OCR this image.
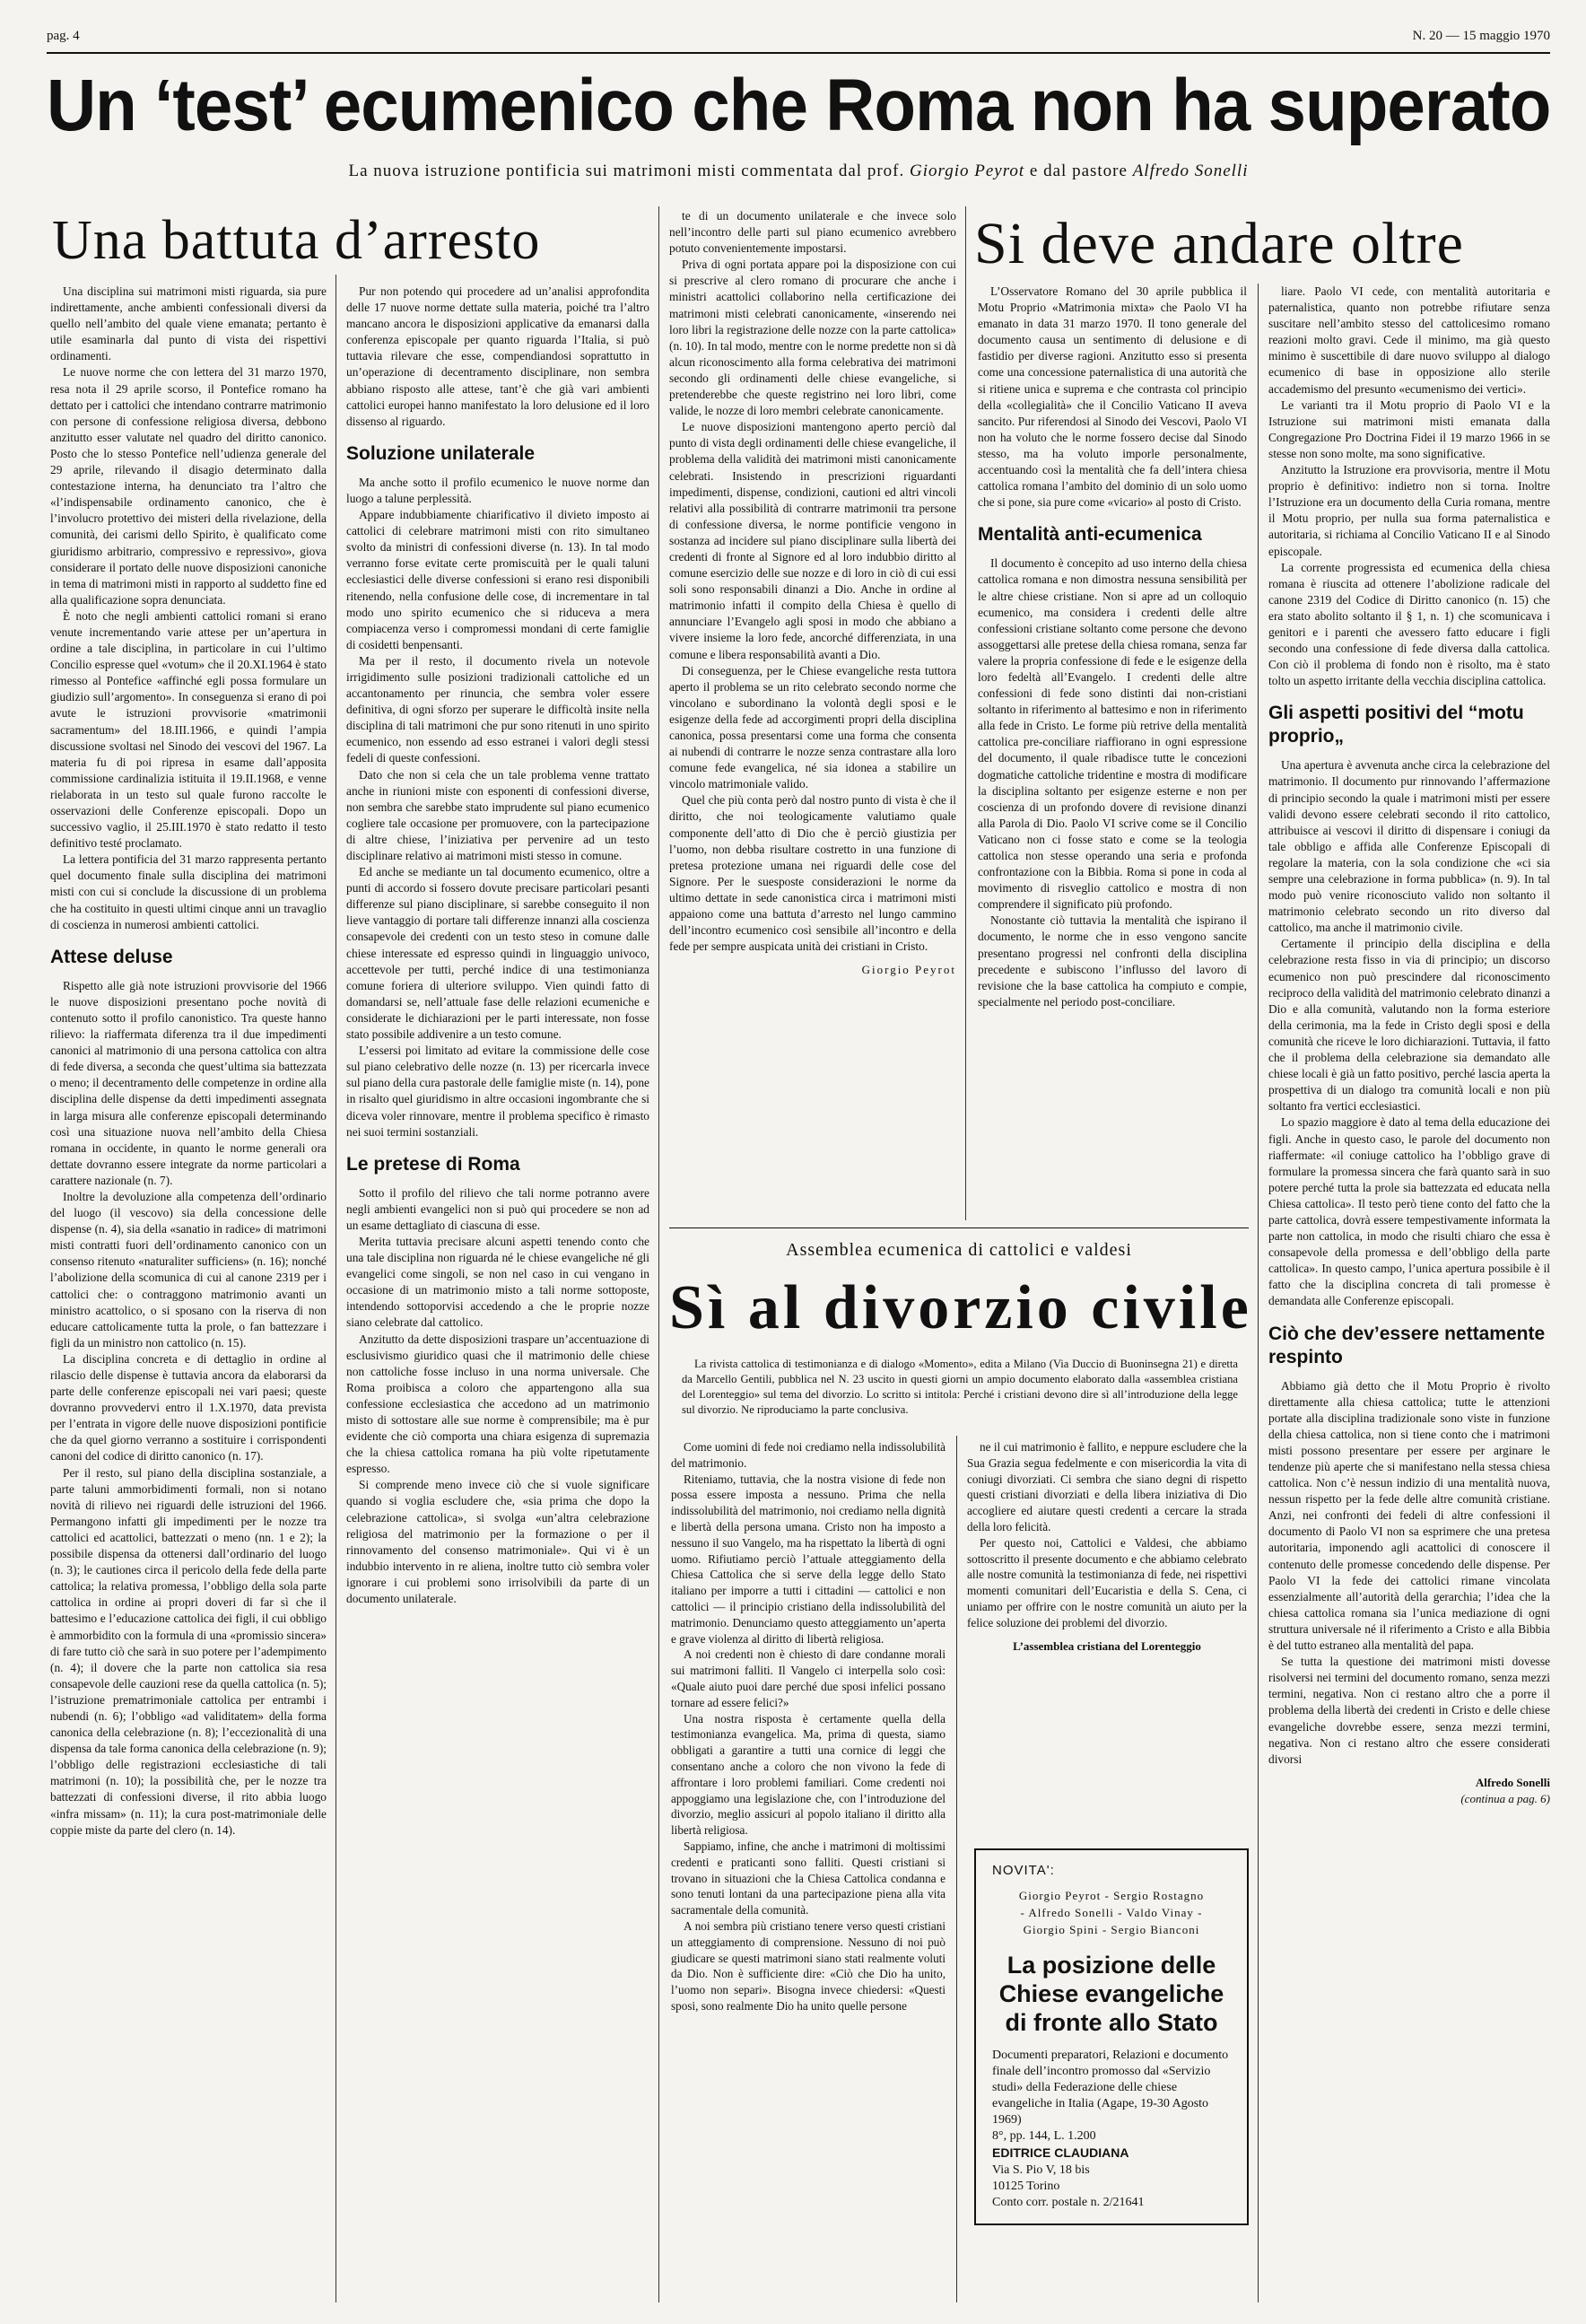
pag. 4	N. 20 — 15 maggio 1970
Un ‘test’ ecumenico che Roma non ha superato
La nuova istruzione pontificia sui matrimoni misti commentata dal prof. Giorgio Peyrot e dal pastore Alfredo Sonelli
Una battuta d’arresto

Una disciplina sui matrimoni misti riguarda, sia pure indirettamente, anche ambienti confessionali diversi da quello nell’ambito del quale viene emanata; pertanto è utile esaminarla dal punto di vista dei rispettivi ordinamenti.

Le nuove norme che con lettera del 31 marzo 1970, resa nota il 29 aprile scorso, il Pontefice romano ha dettato per i cattolici che intendano contrarre matrimonio con persone di confessione religiosa diversa, debbono anzitutto esser valutate nel quadro del diritto canonico. Posto che lo stesso Pontefice nell’udienza generale del 29 aprile, rilevando il disagio determinato dalla contestazione interna, ha denunciato tra l’altro che «l’indispensabile ordinamento canonico, che è l’involucro protettivo dei misteri della rivelazione, della comunità, dei carismi dello Spirito, è qualificato come giuridismo arbitrario, compressivo e repressivo», giova considerare il portato delle nuove disposizioni canoniche in tema di matrimoni misti in rapporto al suddetto fine ed alla qualificazione sopra denunciata.

È noto che negli ambienti cattolici romani si erano venute incrementando varie attese per un’apertura in ordine a tale disciplina, in particolare in cui l’ultimo Concilio espresse quel «votum» che il 20.XI.1964 è stato rimesso al Pontefice «affinché egli possa formulare un giudizio sull’argomento». In conseguenza si erano di poi avute le istruzioni provvisorie «matrimonii sacramentum» del 18.III.1966, e quindi l’ampia discussione svoltasi nel Sinodo dei vescovi del 1967. La materia fu di poi ripresa in esame dall’apposita commissione cardinalizia istituita il 19.II.1968, e venne rielaborata in un testo sul quale furono raccolte le osservazioni delle Conferenze episcopali. Dopo un successivo vaglio, il 25.III.1970 è stato redatto il testo definitivo testé proclamato.

La lettera pontificia del 31 marzo rappresenta pertanto quel documento finale sulla disciplina dei matrimoni misti con cui si conclude la discussione di un problema che ha costituito in questi ultimi cinque anni un travaglio di coscienza in numerosi ambienti cattolici.

Attese deluse

Rispetto alle già note istruzioni provvisorie del 1966 le nuove disposizioni presentano poche novità di contenuto sotto il profilo canonistico. Tra queste hanno rilievo: la riaffermata diferenza tra il due impedimenti canonici al matrimonio di una persona cattolica con altra di fede diversa, a seconda che quest’ultima sia battezzata o meno; il decentramento delle competenze in ordine alla disciplina delle dispense da detti impedimenti assegnata in larga misura alle conferenze episcopali determinando così una situazione nuova nell’ambito della Chiesa romana in occidente, in quanto le norme generali ora dettate dovranno essere integrate da norme particolari a carattere nazionale (n. 7).

Inoltre la devoluzione alla competenza dell’ordinario del luogo (il vescovo) sia della concessione delle dispense (n. 4), sia della «sanatio in radice» di matrimoni misti contratti fuori dell’ordinamento canonico con un consenso ritenuto «naturaliter sufficiens» (n. 16); nonché l’abolizione della scomunica di cui al canone 2319 per i cattolici che: o contraggono matrimonio avanti un ministro acattolico, o si sposano con la riserva di non educare cattolicamente tutta la prole, o fan battezzare i figli da un ministro non cattolico (n. 15).

La disciplina concreta e di dettaglio in ordine al rilascio delle dispense è tuttavia ancora da elaborarsi da parte delle conferenze episcopali nei vari paesi; queste dovranno provvedervi entro il 1.X.1970, data prevista per l’entrata in vigore delle nuove disposizioni pontificie che da quel giorno verranno a sostituire i corrispondenti canoni del codice di diritto canonico (n. 17).

Per il resto, sul piano della disciplina sostanziale, a parte taluni ammorbidimenti formali, non si notano novità di rilievo nei riguardi delle istruzioni del 1966. Permangono infatti gli impedimenti per le nozze tra cattolici ed acattolici, battezzati o meno (nn. 1 e 2); la possibile dispensa da ottenersi dall’ordinario del luogo (n. 3); le cautiones circa il pericolo della fede della parte cattolica; la relativa promessa, l’obbligo della sola parte cattolica in ordine ai propri doveri di far sì che il battesimo e l’educazione cattolica dei figli, il cui obbligo è ammorbidito con la formula di una «promissio sincera» di fare tutto ciò che sarà in suo potere per l’adempimento (n. 4); il dovere che la parte non cattolica sia resa consapevole delle cauzioni rese da quella cattolica (n. 5); l’istruzione prematrimoniale cattolica per entrambi i nubendi (n. 6); l’obbligo «ad validitatem» della forma canonica della celebrazione (n. 8); l’eccezionalità di una dispensa da tale forma canonica della celebrazione (n. 9); l’obbligo delle registrazioni ecclesiastiche di tali matrimoni (n. 10); la possibilità che, per le nozze tra battezzati di confessioni diverse, il rito abbia luogo «infra missam» (n. 11); la cura post-matrimoniale delle coppie miste da parte del clero (n. 14).

Pur non potendo qui procedere ad un’analisi approfondita delle 17 nuove norme dettate sulla materia, poiché tra l’altro mancano ancora le disposizioni applicative da emanarsi dalla conferenza episcopale per quanto riguarda l’Italia, si può tuttavia rilevare che esse, compendiandosi soprattutto in un’operazione di decentramento disciplinare, non sembra abbiano risposto alle attese, tant’è che già vari ambienti cattolici europei hanno manifestato la loro delusione ed il loro dissenso al riguardo.

Soluzione unilaterale

Ma anche sotto il profilo ecumenico le nuove norme dan luogo a talune perplessità.

Appare indubbiamente chiarificativo il divieto imposto ai cattolici di celebrare matrimoni misti con rito simultaneo svolto da ministri di confessioni diverse (n. 13). In tal modo verranno forse evitate certe promiscuità per le quali taluni ecclesiastici delle diverse confessioni si erano resi disponibili ritenendo, nella confusione delle cose, di incrementare in tal modo uno spirito ecumenico che si riduceva a mera compiacenza verso i compromessi mondani di certe famiglie di cosidetti benpensanti.

Ma per il resto, il documento rivela un notevole irrigidimento sulle posizioni tradizionali cattoliche ed un accantonamento per rinuncia, che sembra voler essere definitiva, di ogni sforzo per superare le difficoltà insite nella disciplina di tali matrimoni che pur sono ritenuti in uno spirito ecumenico, non essendo ad esso estranei i valori degli stessi fedeli di queste confessioni.

Dato che non si cela che un tale problema venne trattato anche in riunioni miste con esponenti di confessioni diverse, non sembra che sarebbe stato imprudente sul piano ecumenico cogliere tale occasione per promuovere, con la partecipazione di altre chiese, l’iniziativa per pervenire ad un testo disciplinare relativo ai matrimoni misti stesso in comune.

Ed anche se mediante un tal documento ecumenico, oltre a punti di accordo si fossero dovute precisare particolari pesanti differenze sul piano disciplinare, si sarebbe conseguito il non lieve vantaggio di portare tali differenze innanzi alla coscienza consapevole dei credenti con un testo steso in comune dalle chiese interessate ed espresso quindi in linguaggio univoco, accettevole per tutti, perché indice di una testimonianza comune foriera di ulteriore sviluppo. Vien quindi fatto di domandarsi se, nell’attuale fase delle relazioni ecumeniche e considerate le dichiarazioni per le parti interessate, non fosse stato possibile addivenire a un testo comune.

L’essersi poi limitato ad evitare la commissione delle cose sul piano celebrativo delle nozze (n. 13) per ricercarla invece sul piano della cura pastorale delle famiglie miste (n. 14), pone in risalto quel giuridismo in altre occasioni ingombrante che si diceva voler rinnovare, mentre il problema specifico è rimasto nei suoi termini sostanziali.

Le pretese di Roma

Sotto il profilo del rilievo che tali norme potranno avere negli ambienti evangelici non si può qui procedere se non ad un esame dettagliato di ciascuna di esse.

Merita tuttavia precisare alcuni aspetti tenendo conto che una tale disciplina non riguarda né le chiese evangeliche né gli evangelici come singoli, se non nel caso in cui vengano in occasione di un matrimonio misto a tali norme sottoposte, intendendo sottoporvisi accedendo a che le proprie nozze siano celebrate dal cattolico.

Anzitutto da dette disposizioni traspare un’accentuazione di esclusivismo giuridico quasi che il matrimonio delle chiese non cattoliche fosse incluso in una norma universale. Che Roma proibisca a coloro che appartengono alla sua confessione ecclesiastica che accedono ad un matrimonio misto di sottostare alle sue norme è comprensibile; ma è pur evidente che ciò comporta una chiara esigenza di supremazia che la chiesa cattolica romana ha più volte ripetutamente espresso.

Si comprende meno invece ciò che si vuole significare quando si voglia escludere che, «sia prima che dopo la celebrazione cattolica», si svolga «un’altra celebrazione religiosa del matrimonio per la formazione o per il rinnovamento del consenso matrimoniale». Qui vi è un indubbio intervento in re aliena, inoltre tutto ciò sembra voler ignorare i cui problemi sono irrisolvibili da parte di un documento unilaterale.

te di un documento unilaterale e che invece solo nell’incontro delle parti sul piano ecumenico avrebbero potuto convenientemente impostarsi.

Priva di ogni portata appare poi la disposizione con cui si prescrive al clero romano di procurare che anche i ministri acattolici collaborino nella certificazione dei matrimoni misti celebrati canonicamente, «inserendo nei loro libri la registrazione delle nozze con la parte cattolica» (n. 10). In tal modo, mentre con le norme predette non si dà alcun riconoscimento alla forma celebrativa dei matrimoni secondo gli ordinamenti delle chiese evangeliche, si pretenderebbe che queste registrino nei loro libri, come valide, le nozze di loro membri celebrate canonicamente.

Le nuove disposizioni mantengono aperto perciò dal punto di vista degli ordinamenti delle chiese evangeliche, il problema della validità dei matrimoni misti canonicamente celebrati. Insistendo in prescrizioni riguardanti impedimenti, dispense, condizioni, cautioni ed altri vincoli relativi alla possibilità di contrarre matrimonii tra persone di confessione diversa, le norme pontificie vengono in sostanza ad incidere sul piano disciplinare sulla libertà dei credenti di fronte al Signore ed al loro indubbio diritto al comune esercizio delle sue nozze e di loro in ciò di cui essi soli sono responsabili dinanzi a Dio. Anche in ordine al matrimonio infatti il compito della Chiesa è quello di annunciare l’Evangelo agli sposi in modo che abbiano a vivere insieme la loro fede, ancorché differenziata, in una comune e libera responsabilità avanti a Dio.

Di conseguenza, per le Chiese evangeliche resta tuttora aperto il problema se un rito celebrato secondo norme che vincolano e subordinano la volontà degli sposi e le esigenze della fede ad accorgimenti propri della disciplina canonica, possa presentarsi come una forma che consenta ai nubendi di contrarre le nozze senza contrastare alla loro comune fede evangelica, né sia idonea a stabilire un vincolo matrimoniale valido.

Quel che più conta però dal nostro punto di vista è che il diritto, che noi teologicamente valutiamo quale componente dell’atto di Dio che è perciò giustizia per l’uomo, non debba risultare costretto in una funzione di pretesa protezione umana nei riguardi delle cose del Signore. Per le suesposte considerazioni le norme da ultimo dettate in sede canonistica circa i matrimoni misti appaiono come una battuta d’arresto nel lungo cammino dell’incontro ecumenico così sensibile all’incontro e della fede per sempre auspicata unità dei cristiani in Cristo.

Giorgio Peyrot
Si deve andare oltre

L’Osservatore Romano del 30 aprile pubblica il Motu Proprio «Matrimonia mixta» che Paolo VI ha emanato in data 31 marzo 1970. Il tono generale del documento causa un sentimento di delusione e di fastidio per diverse ragioni. Anzitutto esso si presenta come una concessione paternalistica di una autorità che si ritiene unica e suprema e che contrasta col principio della «collegialità» che il Concilio Vaticano II aveva sancito. Pur riferendosi al Sinodo dei Vescovi, Paolo VI non ha voluto che le norme fossero decise dal Sinodo stesso, ma ha voluto imporle personalmente, accentuando così la mentalità che fa dell’intera chiesa cattolica romana l’ambito del dominio di un solo uomo che si pone, sia pure come «vicario» al posto di Cristo.

Mentalità anti-ecumenica

Il documento è concepito ad uso interno della chiesa cattolica romana e non dimostra nessuna sensibilità per le altre chiese cristiane. Non si apre ad un colloquio ecumenico, ma considera i credenti delle altre confessioni cristiane soltanto come persone che devono assoggettarsi alle pretese della chiesa romana, senza far valere la propria confessione di fede e le esigenze della loro fedeltà all’Evangelo. I credenti delle altre confessioni di fede sono distinti dai non-cristiani soltanto in riferimento al battesimo e non in riferimento alla fede in Cristo. Le forme più retrive della mentalità cattolica pre-conciliare riaffiorano in ogni espressione del documento, il quale ribadisce tutte le concezioni dogmatiche cattoliche tridentine e mostra di modificare la disciplina soltanto per esigenze esterne e non per coscienza di un profondo dovere di revisione dinanzi alla Parola di Dio. Paolo VI scrive come se il Concilio Vaticano non ci fosse stato e come se la teologia cattolica non stesse operando una seria e profonda confrontazione con la Bibbia. Roma si pone in coda al movimento di risveglio cattolico e mostra di non comprendere il significato più profondo.

Nonostante ciò tuttavia la mentalità che ispirano il documento, le norme che in esso vengono sancite presentano progressi nel confronti della disciplina precedente e subiscono l’influsso del lavoro di revisione che la base cattolica ha compiuto e compie, specialmente nel periodo post-conciliare.

liare. Paolo VI cede, con mentalità autoritaria e paternalistica, quanto non potrebbe rifiutare senza suscitare nell’ambito stesso del cattolicesimo romano reazioni molto gravi. Cede il minimo, ma già questo minimo è suscettibile di dare nuovo sviluppo al dialogo ecumenico di base in opposizione allo sterile accademismo del presunto «ecumenismo dei vertici».

Le varianti tra il Motu proprio di Paolo VI e la Istruzione sui matrimoni misti emanata dalla Congregazione Pro Doctrina Fidei il 19 marzo 1966 in se stesse non sono molte, ma sono significative.

Anzitutto la Istruzione era provvisoria, mentre il Motu proprio è definitivo: indietro non si torna. Inoltre l’Istruzione era un documento della Curia romana, mentre il Motu proprio, per nulla sua forma paternalistica e autoritaria, si richiama al Concilio Vaticano II e al Sinodo episcopale.

La corrente progressista ed ecumenica della chiesa romana è riuscita ad ottenere l’abolizione radicale del canone 2319 del Codice di Diritto canonico (n. 15) che era stato abolito soltanto il § 1, n. 1) che scomunicava i genitori e i parenti che avessero fatto educare i figli secondo una confessione di fede diversa dalla cattolica. Con ciò il problema di fondo non è risolto, ma è stato tolto un aspetto irritante della vecchia disciplina cattolica.

Gli aspetti positivi del “motu proprio„

Una apertura è avvenuta anche circa la celebrazione del matrimonio. Il documento pur rinnovando l’affermazione di principio secondo la quale i matrimoni misti per essere validi devono essere celebrati secondo il rito cattolico, attribuisce ai vescovi il diritto di dispensare i coniugi da tale obbligo e affida alle Conferenze Episcopali di regolare la materia, con la sola condizione che «ci sia sempre una celebrazione in forma pubblica» (n. 9). In tal modo può venire riconosciuto valido non soltanto il matrimonio celebrato secondo un rito diverso dal cattolico, ma anche il matrimonio civile.

Certamente il principio della disciplina e della celebrazione resta fisso in via di principio; un discorso ecumenico non può prescindere dal riconoscimento reciproco della validità del matrimonio celebrato dinanzi a Dio e alla comunità, valutando non la forma esteriore della cerimonia, ma la fede in Cristo degli sposi e della comunità che riceve le loro dichiarazioni. Tuttavia, il fatto che il problema della celebrazione sia demandato alle chiese locali è già un fatto positivo, perché lascia aperta la prospettiva di un dialogo tra comunità locali e non più soltanto fra vertici ecclesiastici.

Lo spazio maggiore è dato al tema della educazione dei figli. Anche in questo caso, le parole del documento non riaffermate: «il coniuge cattolico ha l’obbligo grave di formulare la promessa sincera che farà quanto sarà in suo potere perché tutta la prole sia battezzata ed educata nella Chiesa cattolica». Il testo però tiene conto del fatto che la parte cattolica, dovrà essere tempestivamente informata la parte non cattolica, in modo che risulti chiaro che essa è consapevole della promessa e dell’obbligo della parte cattolica». In questo campo, l’unica apertura possibile è il fatto che la disciplina concreta di tali promesse è demandata alle Conferenze episcopali.

Ciò che dev’essere nettamente respinto

Abbiamo già detto che il Motu Proprio è rivolto direttamente alla chiesa cattolica; tutte le attenzioni portate alla disciplina tradizionale sono viste in funzione della chiesa cattolica, non si tiene conto che i matrimoni misti possono presentare per essere per arginare le tendenze più aperte che si manifestano nella stessa chiesa cattolica. Non c’è nessun indizio di una mentalità nuova, nessun rispetto per la fede delle altre comunità cristiane. Anzi, nei confronti dei fedeli di altre confessioni il documento di Paolo VI non sa esprimere che una pretesa autoritaria, imponendo agli acattolici di conoscere il contenuto delle promesse concedendo delle dispense. Per Paolo VI la fede dei cattolici rimane vincolata essenzialmente all’autorità della gerarchia; l’idea che la chiesa cattolica romana sia l’unica mediazione di ogni struttura universale né il riferimento a Cristo e alla Bibbia è del tutto estraneo alla mentalità del papa.

Se tutta la questione dei matrimoni misti dovesse risolversi nei termini del documento romano, senza mezzi termini, negativa. Non ci restano altro che a porre il problema della libertà dei credenti in Cristo e delle chiese evangeliche dovrebbe essere, senza mezzi termini, negativa. Non ci restano altro che essere considerati divorsi

Alfredo Sonelli
(continua a pag. 6)
Assemblea ecumenica di cattolici e valdesi
Sì al divorzio civile

La rivista cattolica di testimonianza e di dialogo «Momento», edita a Milano (Via Duccio di Buoninsegna 21) e diretta da Marcello Gentili, pubblica nel N. 23 uscito in questi giorni un ampio documento elaborato dalla «assemblea cristiana del Lorenteggio» sul tema del divorzio. Lo scritto si intitola: Perché i cristiani devono dire sì all’introduzione della legge sul divorzio. Ne riproduciamo la parte conclusiva.

Come uomini di fede noi crediamo nella indissolubilità del matrimonio.

Riteniamo, tuttavia, che la nostra visione di fede non possa essere imposta a nessuno. Prima che nella indissolubilità del matrimonio, noi crediamo nella dignità e libertà della persona umana. Cristo non ha imposto a nessuno il suo Vangelo, ma ha rispettato la libertà di ogni uomo. Rifiutiamo perciò l’attuale atteggiamento della Chiesa Cattolica che si serve della legge dello Stato italiano per imporre a tutti i cittadini — cattolici e non cattolici — il principio cristiano della indissolubilità del matrimonio. Denunciamo questo atteggiamento un’aperta e grave violenza al diritto di libertà religiosa.

A noi credenti non è chiesto di dare condanne morali sui matrimoni falliti. Il Vangelo ci interpella solo così: «Quale aiuto puoi dare perché due sposi infelici possano tornare ad essere felici?»

Una nostra risposta è certamente quella della testimonianza evangelica. Ma, prima di questa, siamo obbligati a garantire a tutti una cornice di leggi che consentano anche a coloro che non vivono la fede di affrontare i loro problemi familiari. Come credenti noi appoggiamo una legislazione che, con l’introduzione del divorzio, meglio assicuri al popolo italiano il diritto alla libertà religiosa.

Sappiamo, infine, che anche i matrimoni di moltissimi credenti e praticanti sono falliti. Questi cristiani si trovano in situazioni che la Chiesa Cattolica condanna e sono tenuti lontani da una partecipazione piena alla vita sacramentale della comunità.

A noi sembra più cristiano tenere verso questi cristiani un atteggiamento di comprensione. Nessuno di noi può giudicare se questi matrimoni siano stati realmente voluti da Dio. Non è sufficiente dire: «Ciò che Dio ha unito, l’uomo non separi». Bisogna invece chiedersi: «Questi sposi, sono realmente Dio ha unito quelle persone

ne il cui matrimonio è fallito, e neppure escludere che la Sua Grazia segua fedelmente e con misericordia la vita di coniugi divorziati. Ci sembra che siano degni di rispetto questi cristiani divorziati e della libera iniziativa di Dio accogliere ed aiutare questi credenti a cercare la strada della loro felicità.

Per questo noi, Cattolici e Valdesi, che abbiamo sottoscritto il presente documento e che abbiamo celebrato alle nostre comunità la testimonianza di fede, nei rispettivi momenti comunitari dell’Eucaristia e della S. Cena, ci uniamo per offrire con le nostre comunità un aiuto per la felice soluzione dei problemi del divorzio.

L’assemblea cristiana del Lorenteggio
NOVITA':
Giorgio Peyrot - Sergio Rostagno
- Alfredo Sonelli - Valdo Vinay -
Giorgio Spini - Sergio Bianconi
La posizione delle Chiese evangeliche di fronte allo Stato
Documenti preparatori, Relazioni e documento finale dell’incontro promosso dal «Servizio studi» della Federazione delle chiese evangeliche in Italia (Agape, 19-30 Agosto 1969)
8°, pp. 144, L. 1.200
EDITRICE CLAUDIANA
Via S. Pio V, 18 bis
10125 Torino
Conto corr. postale n. 2/21641
